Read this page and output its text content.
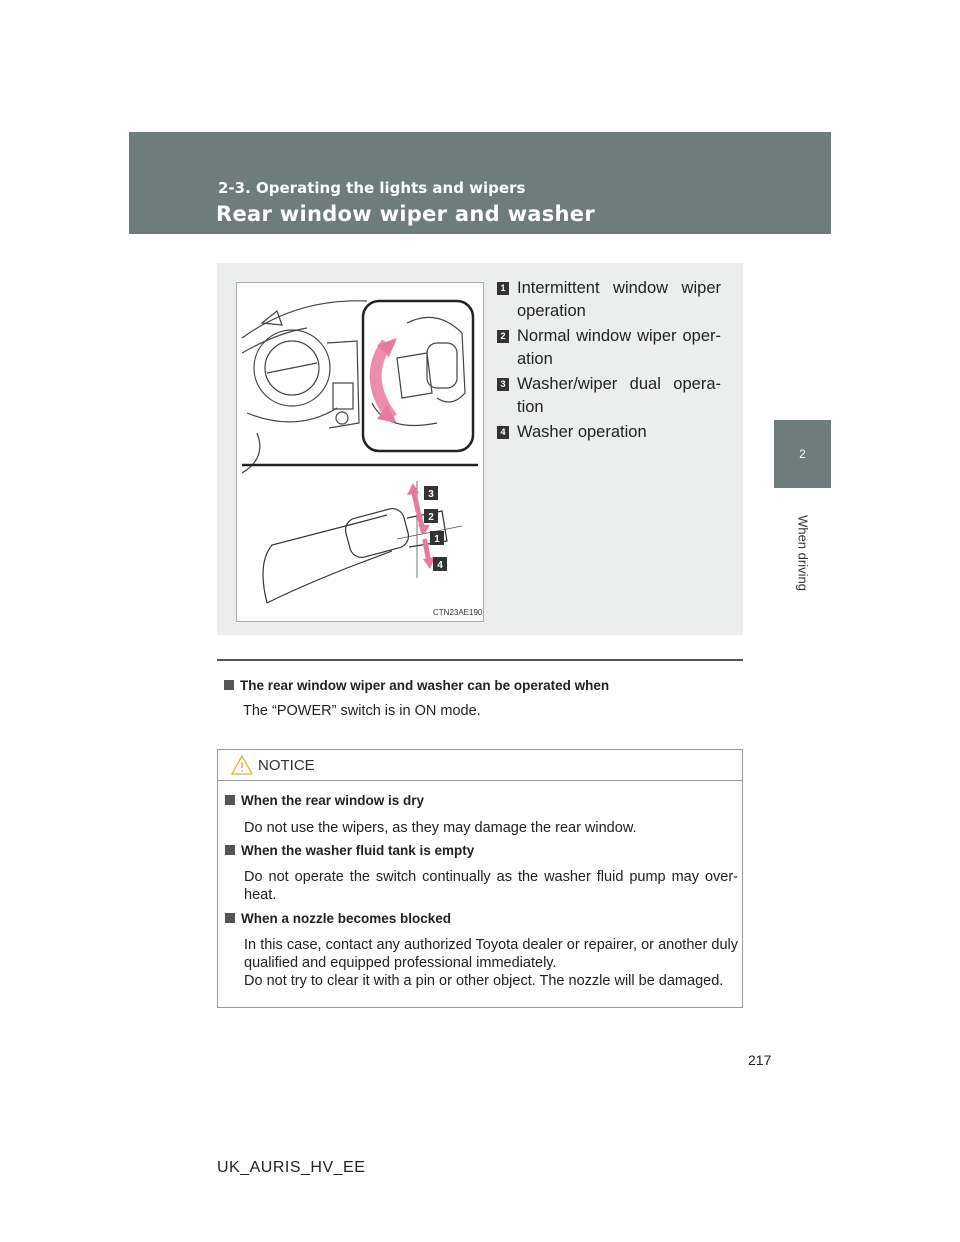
2-3. Operating the lights and wipers
Rear window wiper and washer
2
When driving
3
2
1
4
CTN23AE190
1 Intermittent window wiper operation
2 Normal window wiper oper-ation
3 Washer/wiper dual opera-tion
4 Washer operation
The rear window wiper and washer can be operated when
The “POWER” switch is in ON mode.
NOTICE
When the rear window is dry
Do not use the wipers, as they may damage the rear window.
When the washer fluid tank is empty
Do not operate the switch continually as the washer fluid pump may over-heat.
When a nozzle becomes blocked
In this case, contact any authorized Toyota dealer or repairer, or another duly qualified and equipped professional immediately.
Do not try to clear it with a pin or other object. The nozzle will be damaged.
217
UK_AURIS_HV_EE
